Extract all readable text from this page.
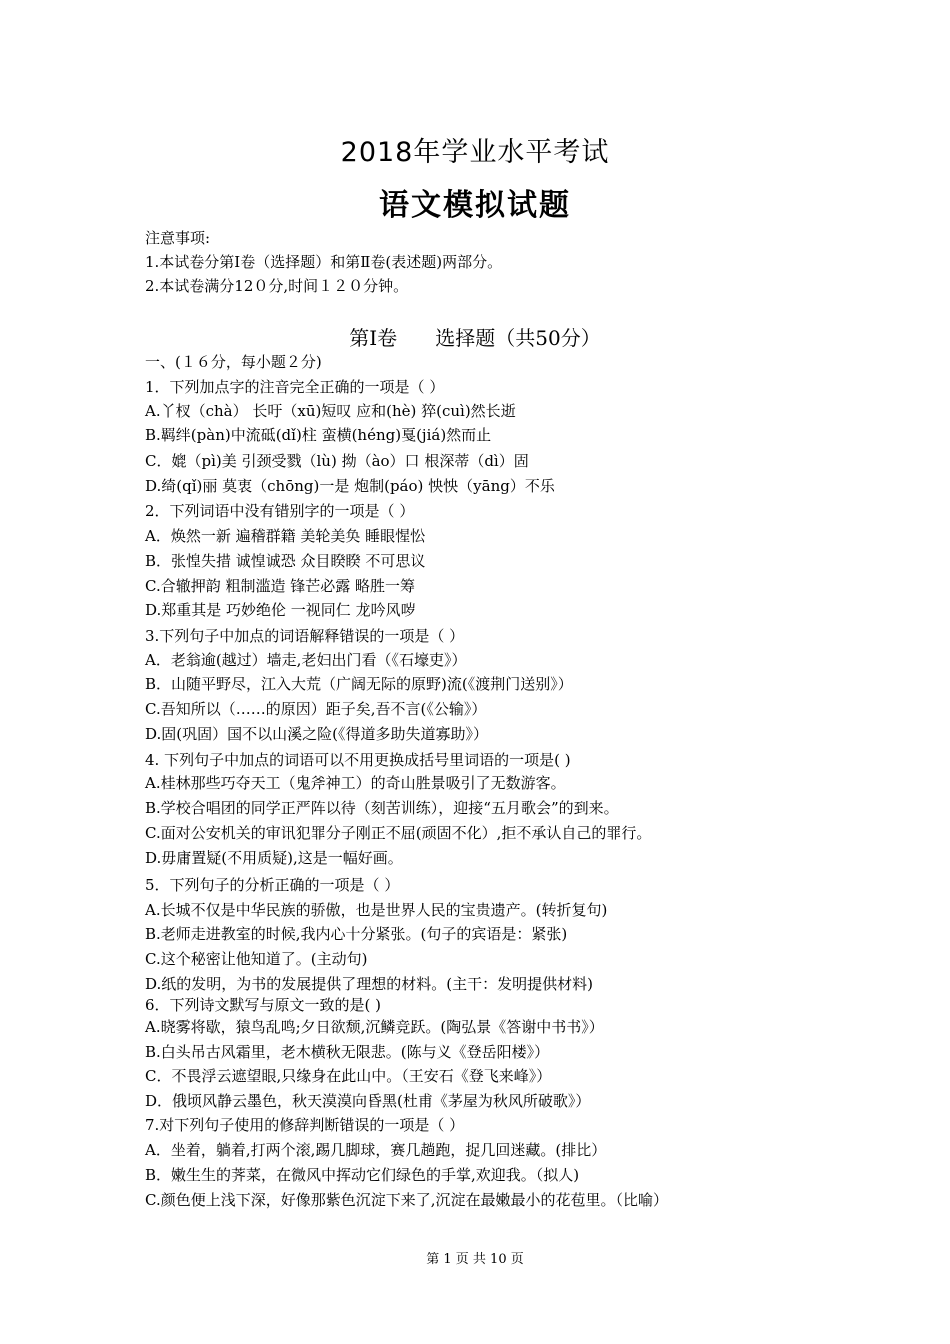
2018年学业水平考试
语文模拟试题
注意事项:
1.本试卷分第Ⅰ卷（选择题）和第Ⅱ卷(表述题)两部分。
2.本试卷满分12０分,时间１２０分钟。
第Ⅰ卷      选择题（共50分）
一、(１６分，每小题２分)
1．下列加点字的注音完全正确的一项是（ ）
A.丫杈（chà） 长吁（xū)短叹 应和(hè) 猝(cuì)然长逝
B.羁绊(pàn)中流砥(dǐ)柱 蛮横(héng)戛(jiá)然而止
C．媲（pì)美 引颈受戮（lù) 拗（ào）口 根深蒂（dì）固
D.绮(qǐ)丽 莫衷（chōng)一是 炮制(páo) 怏怏（yāng）不乐
2．下列词语中没有错别字的一项是（ ）
A．焕然一新 遍稽群籍 美轮美奂 睡眼惺忪
B．张惶失措 诚惶诚恐 众目睽睽 不可思议
C.合辙押韵 粗制滥造 锋芒必露 略胜一筹
D.郑重其是 巧妙绝伦 一视同仁 龙吟风哕
3.下列句子中加点的词语解释错误的一项是（ ）
A．老翁逾(越过）墙走,老妇出门看（《石壕吏》）
B．山随平野尽，江入大荒（广阔无际的原野)流(《渡荆门送别》）
C.吾知所以（……的原因）距子矣,吾不言(《公输》）
D.固(巩固）国不以山溪之险(《得道多助失道寡助》）
4. 下列句子中加点的词语可以不用更换成括号里词语的一项是( )
A.桂林那些巧夺天工（鬼斧神工）的奇山胜景吸引了无数游客。
B.学校合唱团的同学正严阵以待（刻苦训练），迎接“五月歌会”的到来。
C.面对公安机关的审讯犯罪分子刚正不屈(顽固不化）,拒不承认自己的罪行。
D.毋庸置疑(不用质疑),这是一幅好画。
5．下列句子的分析正确的一项是（ ）
A.长城不仅是中华民族的骄傲，也是世界人民的宝贵遗产。(转折复句)
B.老师走进教室的时候,我内心十分紧张。(句子的宾语是：紧张)
C.这个秘密让他知道了。(主动句)
D.纸的发明，为书的发展提供了理想的材料。(主干：发明提供材料)
6．下列诗文默写与原文一致的是( )
A.晓雾将歇，猿鸟乱鸣;夕日欲颓,沉鳞竞跃。(陶弘景《答谢中书书》）
B.白头吊古风霜里，老木横秋无限悲。(陈与义《登岳阳楼》）
C．不畏浮云遮望眼,只缘身在此山中。（王安石《登飞来峰》）
D．俄顷风静云墨色，秋天漠漠向昏黑(杜甫《茅屋为秋风所破歌》）
7.对下列句子使用的修辞判断错误的一项是（ ）
A．坐着，躺着,打两个滚,踢几脚球，赛几趟跑，捉几回迷藏。(排比）
B．嫩生生的荠菜，在微风中挥动它们绿色的手掌,欢迎我。（拟人)
C.颜色便上浅下深，好像那紫色沉淀下来了,沉淀在最嫩最小的花苞里。（比喻）
第 1 页 共 10 页
